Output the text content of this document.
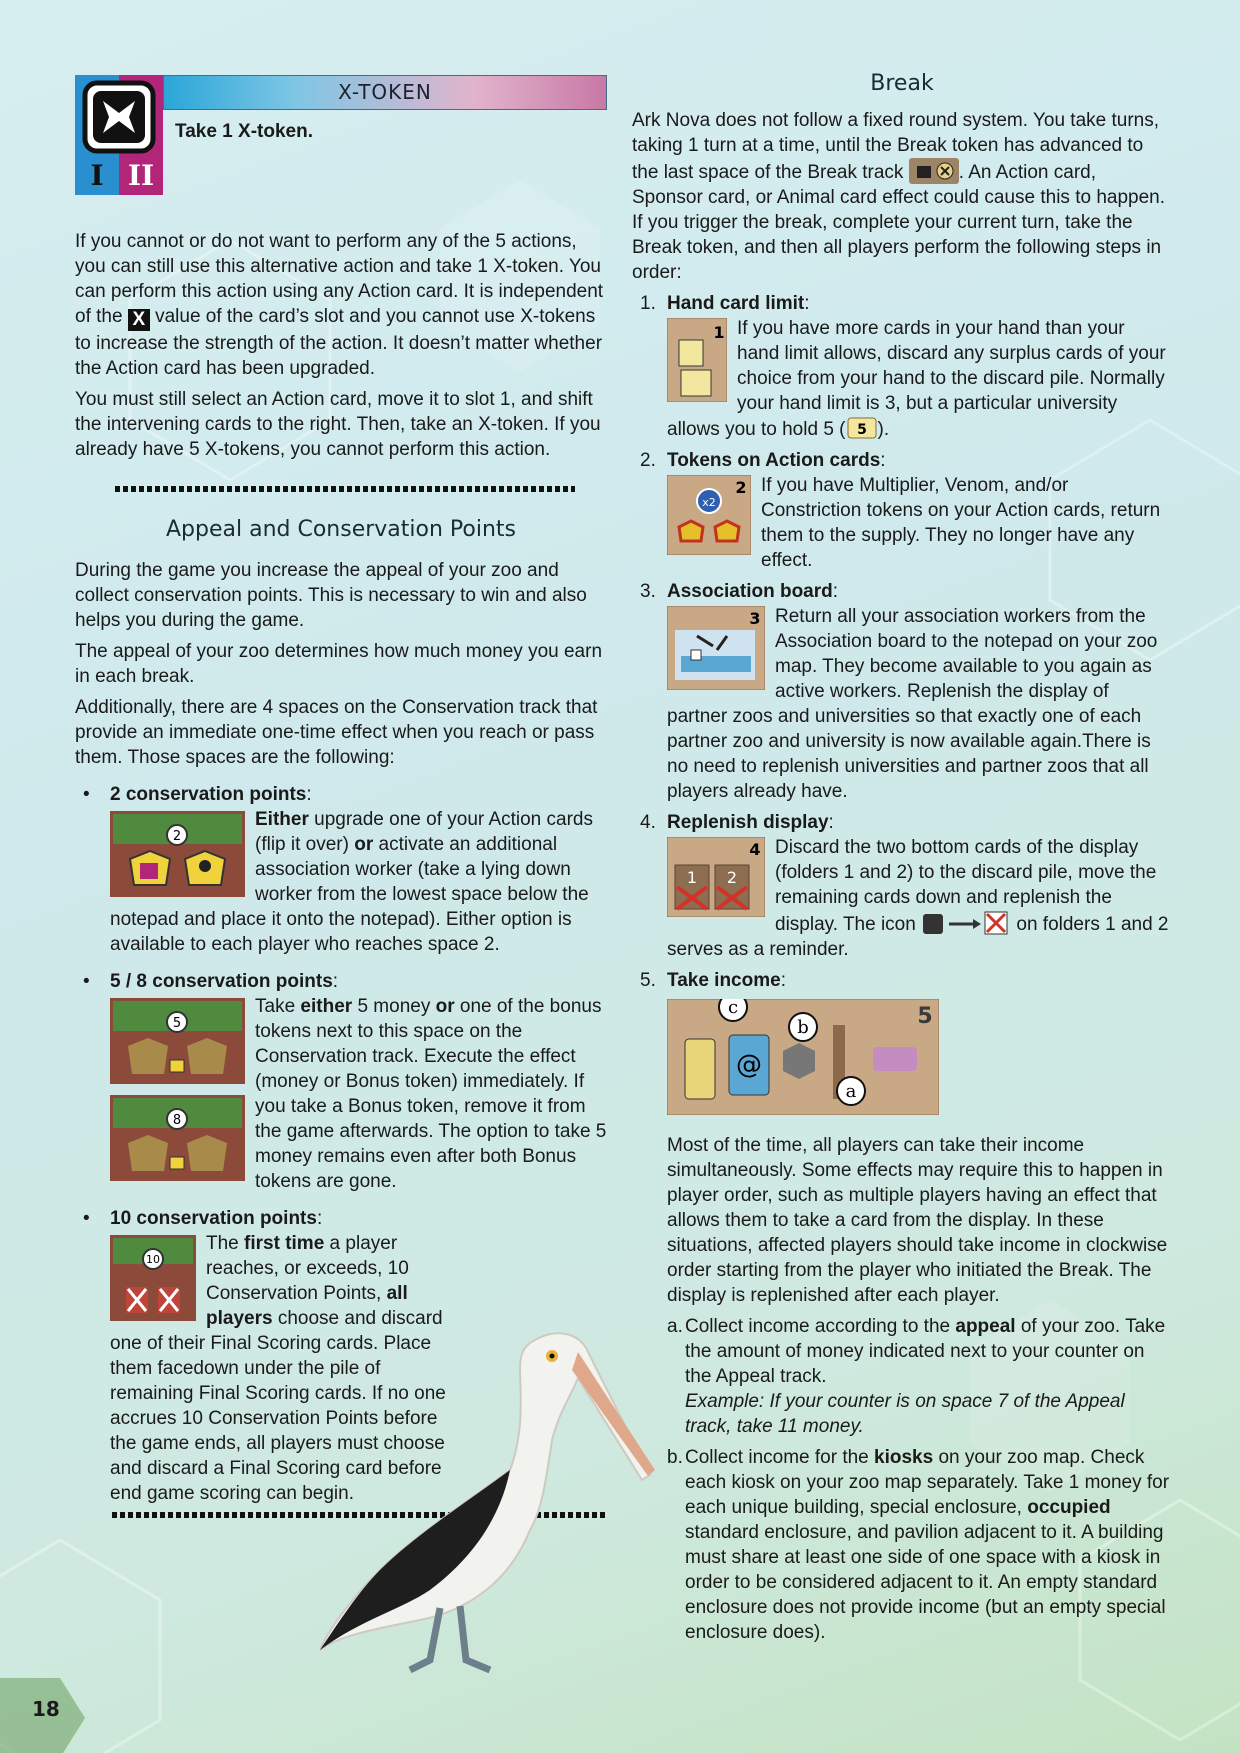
I II
X-TOKEN
Take 1 X-token.

If you cannot or do not want to perform any of the 5 actions, you can still use this alternative action and take 1 X-token. You can perform this action using any Action card. It is independent of the X value of the card’s slot and you cannot use X-tokens to increase the strength of the action. It doesn’t matter whether the Action card has been upgraded.

You must still select an Action card, move it to slot 1, and shift the intervening cards to the right. Then, take an X-token. If you already have 5 X-tokens, you cannot perform this action.

Appeal and Conservation Points

During the game you increase the appeal of your zoo and collect conservation points. This is necessary to win and also helps you during the game.

The appeal of your zoo determines how much money you earn in each break.

Additionally, there are 4 spaces on the Conservation track that provide an immediate one-time effect when you reach or pass them. Those spaces are the following:

• 2 conservation points:
2
Either upgrade one of your Action cards (flip it over) or activate an additional association worker (take a lying down worker from the lowest space below the notepad and place it onto the notepad). Either option is available to each player who reaches space 2.
• 5 / 8 conservation points:
5

8
Take either 5 money or one of the bonus tokens next to this space on the Conservation track. Execute the effect (money or Bonus token) immediately. If you take a Bonus token, remove it from the game afterwards. The option to take 5 money remains even after both Bonus tokens are gone.
• 10 conservation points:
10
The first time a player reaches, or exceeds, 10 Conservation Points, all players choose and discard one of their Final Scoring cards. Place them facedown under the pile of remaining Final Scoring cards. If no one accrues 10 Conservation Points before the game ends, all players must choose and discard a Final Scoring card before end game scoring can begin.
Break

Ark Nova does not follow a fixed round system. You take turns, taking 1 turn at a time, until the Break token has advanced to the last space of the Break track	. An Action card, Sponsor card, or Animal card effect could cause this to happen. If you trigger the break, complete your current turn, take the Break token, and then all players perform the following steps in order:

1. Hand card limit:
1 If you have more cards in your hand than your hand limit allows, discard any surplus cards of your choice from your hand to the discard pile. Normally your hand limit is 3, but a particular university allows you to hold 5 ( 5 ).
2. Tokens on Action cards:
2
x2
If you have Multiplier, Venom, and/or Constriction tokens on your Action cards, return them to the supply. They no longer have any effect.
3. Association board:
3 Return all your association workers from the Association board to the notepad on your zoo map. They become available to you again as active workers. Replenish the display of partner zoos and universities so that exactly one of each partner zoo and university is now available again.There is no need to replenish universities and partner zoos that all players already have.
4. Replenish display:
4
1 2
Discard the two bottom cards of the display (folders 1 and 2) to the discard pile, move the remaining cards down and replenish the display. The icon	on folders 1 and 2 serves as a reminder.
5. Take income:
5
@
c
b
a

Most of the time, all players can take their income simultaneously. Some effects may require this to happen in player order, such as multiple players having an effect that allows them to take a card from the display. In these situations, affected players should take income in clockwise order starting from the player who initiated the Break. The display is replenished after each player.

a. Collect income according to the appeal of your zoo. Take the amount of money indicated next to your counter on the Appeal track.
Example: If your counter is on space 7 of the Appeal track, take 11 money.
b. Collect income for the kiosks on your zoo map. Check each kiosk on your zoo map separately. Take 1 money for each unique building, special enclosure, occupied standard enclosure, and pavilion adjacent to it. A building must share at least one side of one space with a kiosk in order to be considered adjacent to it. An empty standard enclosure does not provide income (but an empty special enclosure does).
18
